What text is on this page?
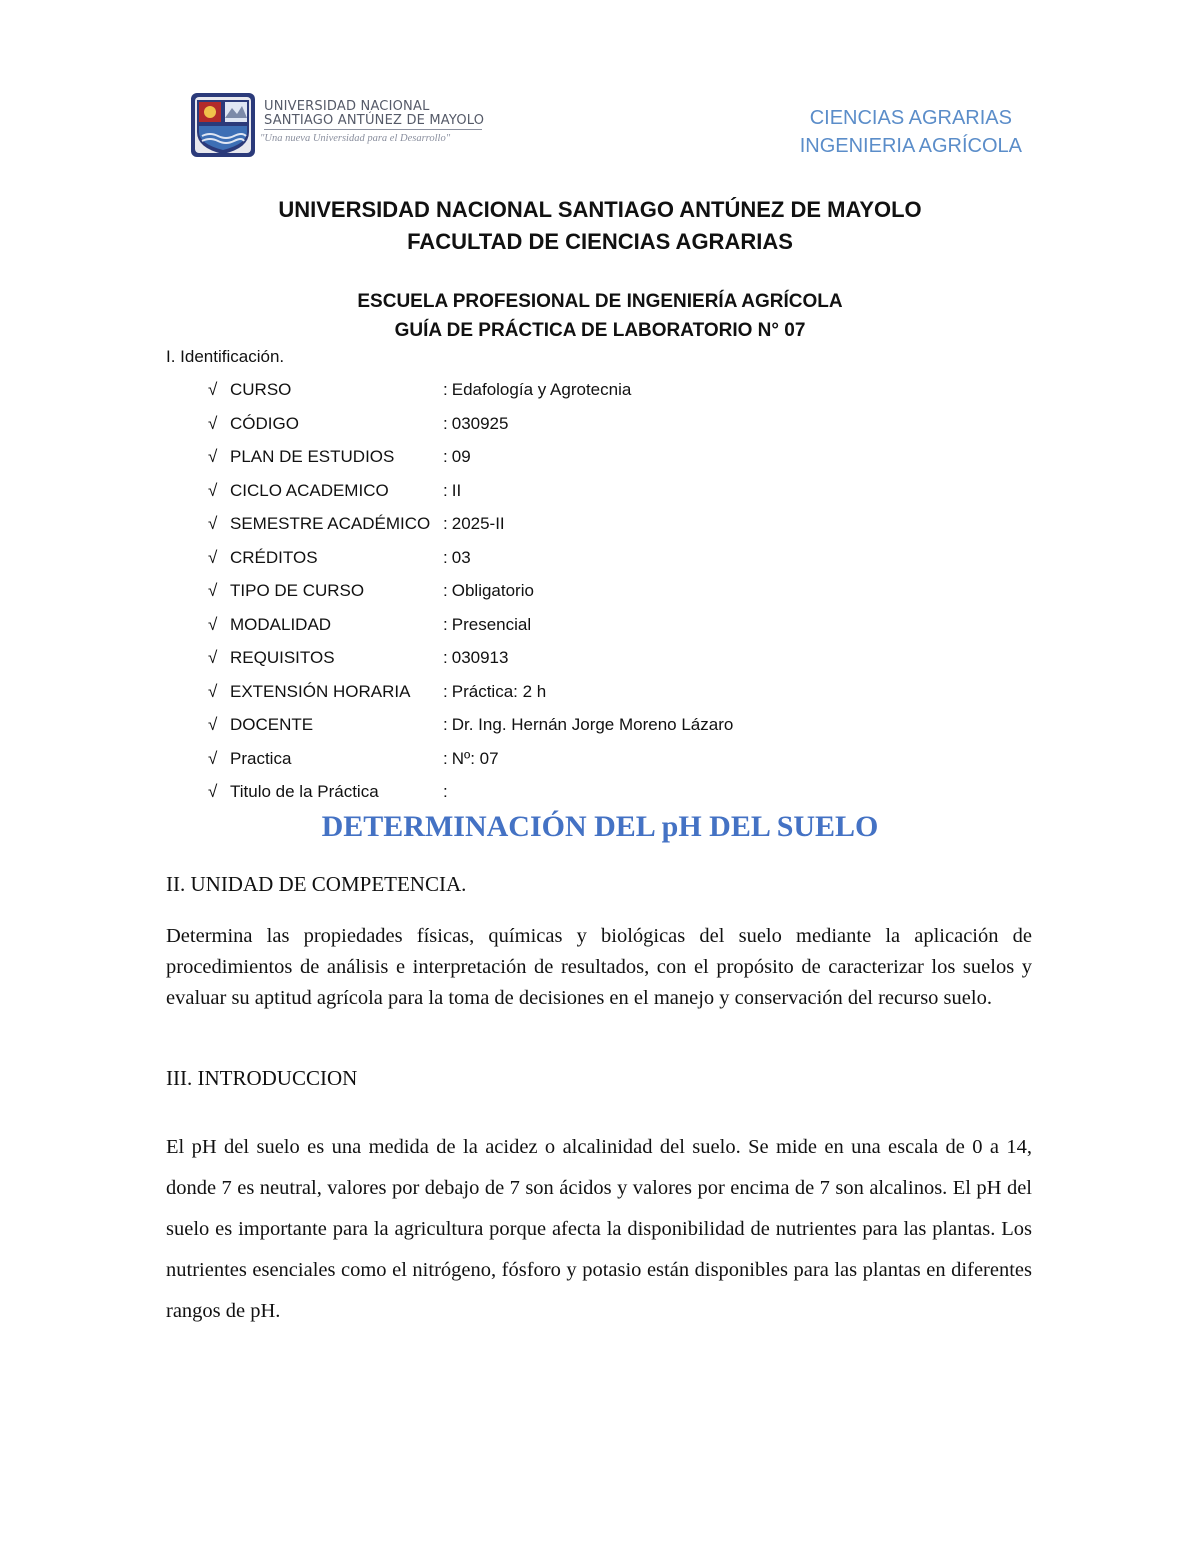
UNIVERSIDAD NACIONAL
SANTIAGO ANTÚNEZ DE MAYOLO
"Una nueva Universidad para el Desarrollo"
CIENCIAS AGRARIAS
INGENIERIA AGRÍCOLA
UNIVERSIDAD NACIONAL SANTIAGO ANTÚNEZ DE MAYOLO
FACULTAD DE CIENCIAS AGRARIAS
ESCUELA PROFESIONAL DE INGENIERÍA AGRÍCOLA
GUÍA DE PRÁCTICA DE LABORATORIO N° 07
I. Identificación.
√ CURSO	: Edafología y Agrotecnia
√ CÓDIGO	: 030925
√ PLAN DE ESTUDIOS	: 09
√ CICLO ACADEMICO	: II
√ SEMESTRE ACADÉMICO : 2025-II
√ CRÉDITOS	: 03
√ TIPO DE CURSO	: Obligatorio
√ MODALIDAD	: Presencial
√ REQUISITOS	: 030913
√ EXTENSIÓN HORARIA : Práctica: 2 h
√ DOCENTE	: Dr. Ing. Hernán Jorge Moreno Lázaro
√ Practica	: Nº: 07
√ Titulo de la Práctica	:
DETERMINACIÓN DEL pH DEL SUELO
II. UNIDAD DE COMPETENCIA.
Determina las propiedades físicas, químicas y biológicas del suelo mediante la aplicación de procedimientos de análisis e interpretación de resultados, con el propósito de caracterizar los suelos y evaluar su aptitud agrícola para la toma de decisiones en el manejo y conservación del recurso suelo.
III. INTRODUCCION
El pH del suelo es una medida de la acidez o alcalinidad del suelo. Se mide en una escala de 0 a 14, donde 7 es neutral, valores por debajo de 7 son ácidos y valores por encima de 7 son alcalinos. El pH del suelo es importante para la agricultura porque afecta la disponibilidad de nutrientes para las plantas. Los nutrientes esenciales como el nitrógeno, fósforo y potasio están disponibles para las plantas en diferentes rangos de pH.
